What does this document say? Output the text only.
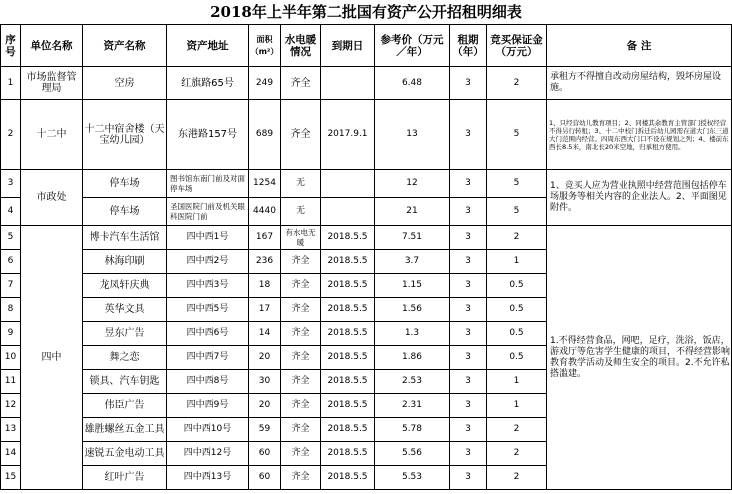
2018年上半年第二批国有资产公开招租明细表
序号	单位名称	资产名称	资产地址	面积（m²）	水电暖情况	到期日	参考价（万元／年）	租期（年）	竞买保证金（万元）	备 注
1	市场监督管理局	空房	红旗路65号	249	齐全		6.48	3	2	承租方不得擅自改动房屋结构，毁坏房屋设施。
2	十二中	十二中宿舍楼（天宝幼儿园）	东港路157号	689	齐全	2017.9.1	13	3	5	1、只经营幼儿教育项目；2、同楼其余教育主管部门授权经营不得另行转租；3、十二中校门拆迁后幼儿园需在道大门东三道大门范围内经营。四周东西大门口不设在规划之列；4、楼前东西长8.5米，南北长20米空地，归承租方使用。
3	市政处	停车场	图书馆东南门前及对面停车场	1254	无		12	3	5	1、竞买人应为营业执照中经营范围包括停车场服务等相关内容的企业法人。2、平面图见附件。
4		停车场	圣国医院门前及机关眼科医院门前	4440	无		21	3	5	
5	四中	博卡汽车生活馆	四中西1号	167	有水电无暖	2018.5.5	7.51	3	2	1.不得经营食品，网吧，足疗，洗浴，饭店，游戏厅等危害学生健康的项目，不得经营影响教育教学活动及师生安全的项目。2.不允许私搭滥建。
6		林海印刷	四中西2号	236	齐全	2018.5.5	3.7	3	1	
7		龙凤轩庆典	四中西3号	18	齐全	2018.5.5	1.15	3	0.5	
8		英华文具	四中西5号	17	齐全	2018.5.5	1.56	3	0.5	
9		昱东广告	四中西6号	14	齐全	2018.5.5	1.3	3	0.5	
10		舞之恋	四中西7号	20	齐全	2018.5.5	1.86	3	0.5	
11		锁具、汽车钥匙	四中西8号	30	齐全	2018.5.5	2.53	3	1	
12		伟臣广告	四中西9号	20	齐全	2018.5.5	2.31	3	1	
13		雄胜螺丝五金工具	四中西10号	59	齐全	2018.5.5	5.78	3	2	
14		速锐五金电动工具	四中西12号	60	齐全	2018.5.5	5.56	3	2	
15		红叶广告	四中西13号	60	齐全	2018.5.5	5.53	3	2	
